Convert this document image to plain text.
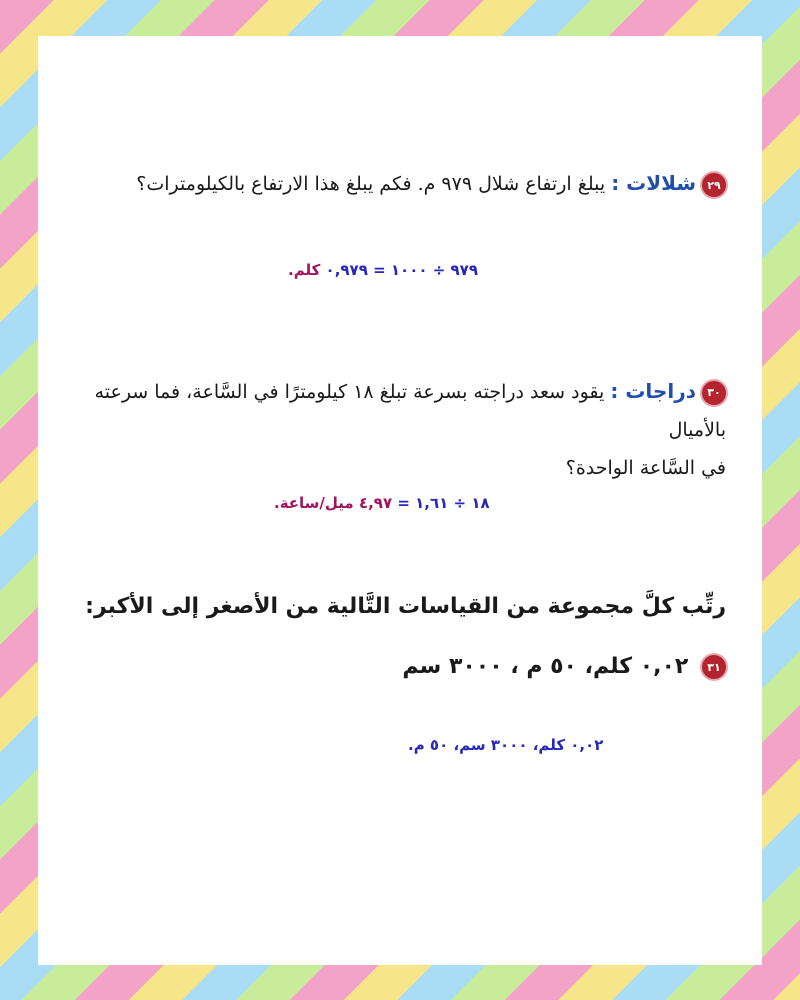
٢٩شلالات : يبلغ ارتفاع شلال ٩٧٩ م. فكم يبلغ هذا الارتفاع بالكيلومترات؟
٩٧٩ ÷ ١٠٠٠ = ٠,٩٧٩ كلم.
٣٠دراجات : يقود سعد دراجته بسرعة تبلغ ١٨ كيلومترًا في السَّاعة، فما سرعته بالأميال
في السَّاعة الواحدة؟
١٨ ÷ ١,٦١ = ٤,٩٧ ميل/ساعة.
رتِّب كلَّ مجموعة من القياسات التَّالية من الأصغر إلى الأكبر:
٣١ ٠,٠٢ كلم، ٥٠ م ، ٣٠٠٠ سم
٠,٠٢ كلم، ٣٠٠٠ سم، ٥٠ م.
